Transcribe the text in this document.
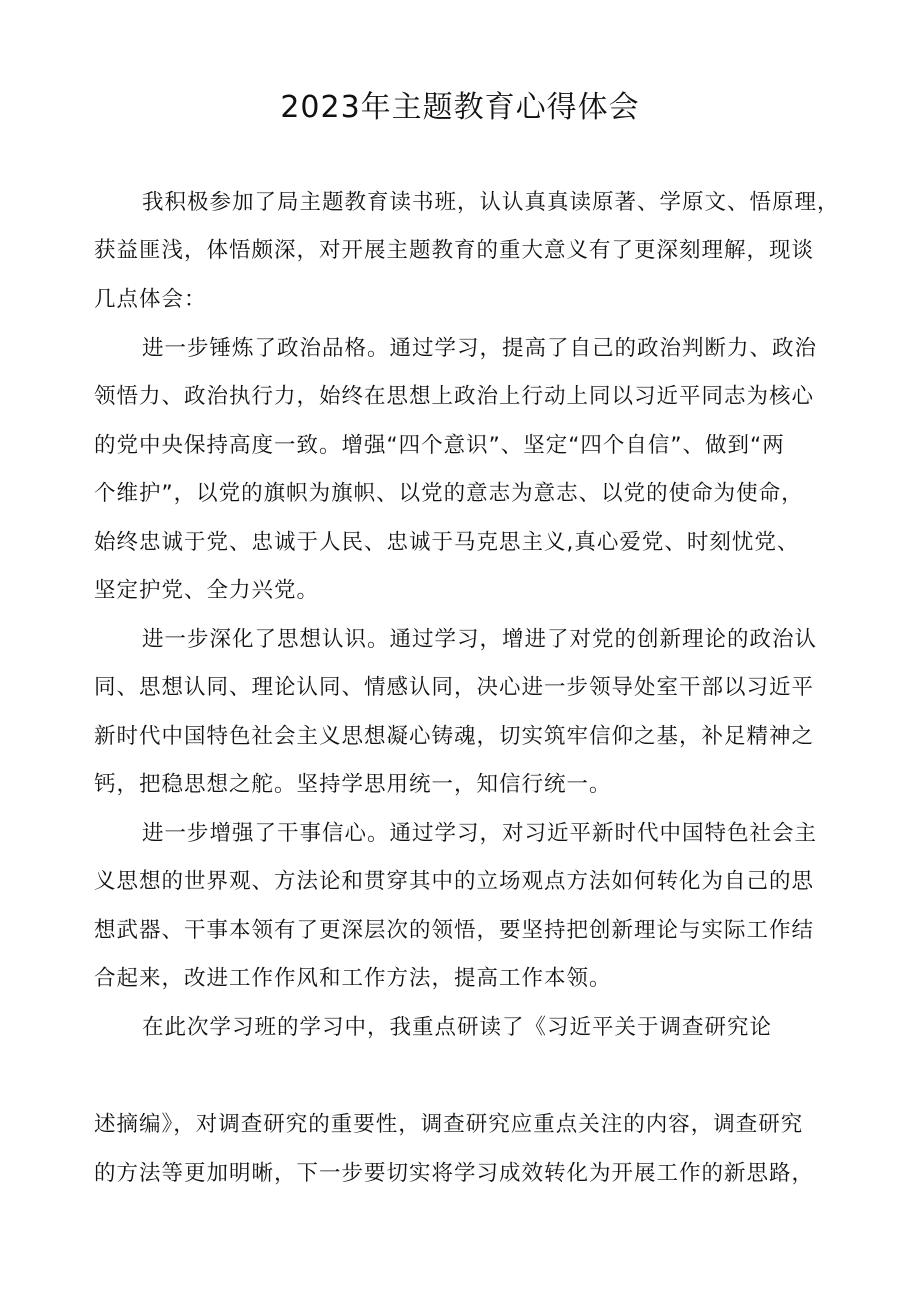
2023年主题教育心得体会
我积极参加了局主题教育读书班，认认真真读原著、学原文、悟原理，
获益匪浅，体悟颇深，对开展主题教育的重大意义有了更深刻理解，现谈
几点体会：
进一步锤炼了政治品格。通过学习，提高了自己的政治判断力、政治
领悟力、政治执行力，始终在思想上政治上行动上同以习近平同志为核心
的党中央保持高度一致。增强“四个意识”、坚定“四个自信”、做到“两
个维护”，以党的旗帜为旗帜、以党的意志为意志、以党的使命为使命，
始终忠诚于党、忠诚于人民、忠诚于马克思主义,真心爱党、时刻忧党、
坚定护党、全力兴党。
进一步深化了思想认识。通过学习，增进了对党的创新理论的政治认
同、思想认同、理论认同、情感认同，决心进一步领导处室干部以习近平
新时代中国特色社会主义思想凝心铸魂，切实筑牢信仰之基，补足精神之
钙，把稳思想之舵。坚持学思用统一，知信行统一。
进一步增强了干事信心。通过学习，对习近平新时代中国特色社会主
义思想的世界观、方法论和贯穿其中的立场观点方法如何转化为自己的思
想武器、干事本领有了更深层次的领悟，要坚持把创新理论与实际工作结
合起来，改进工作作风和工作方法，提高工作本领。
在此次学习班的学习中，我重点研读了《习近平关于调查研究论
述摘编》，对调查研究的重要性，调查研究应重点关注的内容，调查研究
的方法等更加明晰，下一步要切实将学习成效转化为开展工作的新思路，
